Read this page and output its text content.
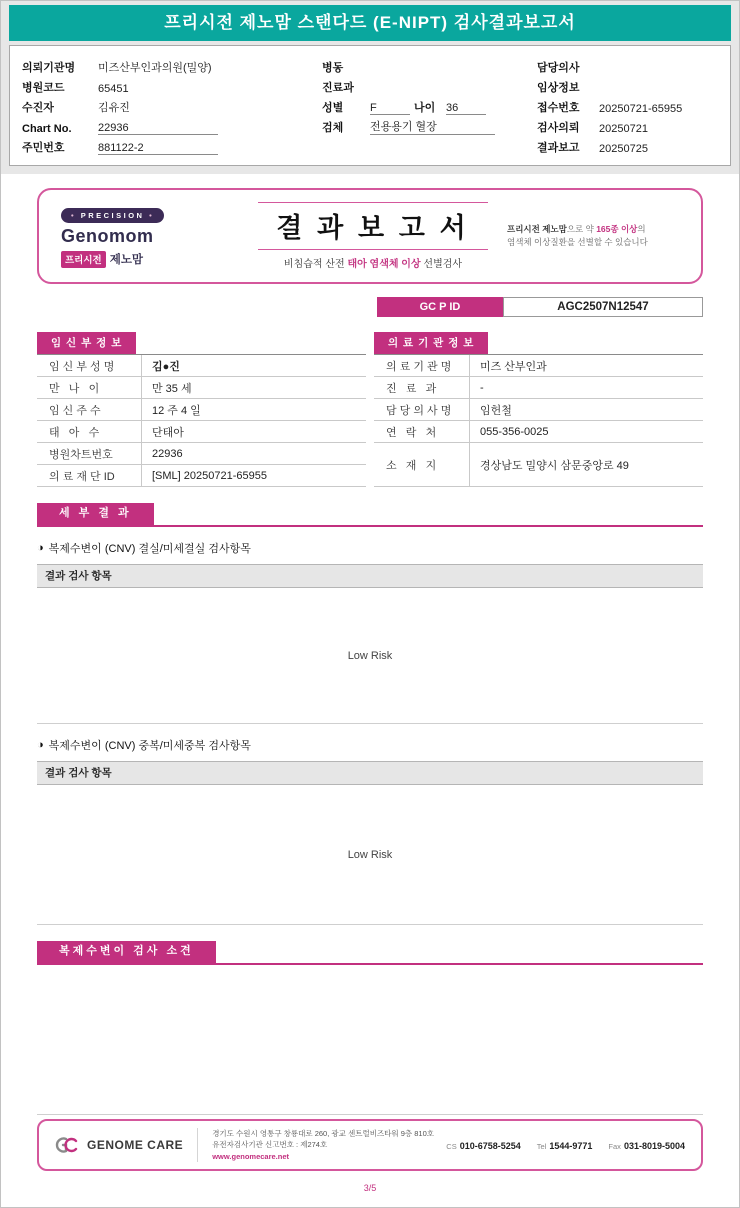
프리시전 제노맘 스탠다드 (E-NIPT) 검사결과보고서
의뢰기관명	미즈산부인과의원(밀양)
병원코드	65451
수진자	김유진
Chart No.	22936
주민번호	881122-2
병동
진료과
성별	F	나이 36
검체	전용용기 혈장
담당의사
임상정보
접수번호	20250721-65955
검사의뢰	20250721
결과보고	20250725
• PRECISION •
Genomom
프리시전 제노맘
결 과 보 고 서
비침습적 산전 태아 염색체 이상 선별검사
프리시전 제노맘으로 약 165종 이상의
염색체 이상질환을 선별할 수 있습니다
GC P ID	AGC2507N12547
임 신 부 정 보
임 신 부 성 명	김●진
만   나   이	만 35 세
임 신 주 수	12 주 4 일
태   아   수	단태아
병원차트번호	22936
의 료 재 단 ID	[SML] 20250721-65955
의 료 기 관 정 보
의 료 기 관 명	미즈 산부인과
진   료   과	-
담 당 의 사 명	임헌철
연   락   처	055-356-0025
소   재   지	경상남도 밀양시 삼문중앙로 49
세 부 결 과
◑ 복제수변이 (CNV) 결실/미세결실 검사항목
결과 검사 항목
Low Risk
◑ 복제수변이 (CNV) 중복/미세중복 검사항목
결과 검사 항목
Low Risk
복제수변이 검사 소견
GENOME CARE
경기도 수원시 영통구 창룡대로 260, 광교 센트럴비즈타워 9층 810호
유전자검사기관 신고번호 : 제274호
www.genomecare.net
CS 010-6758-5254 Tel 1544-9771 Fax 031-8019-5004
3/5
